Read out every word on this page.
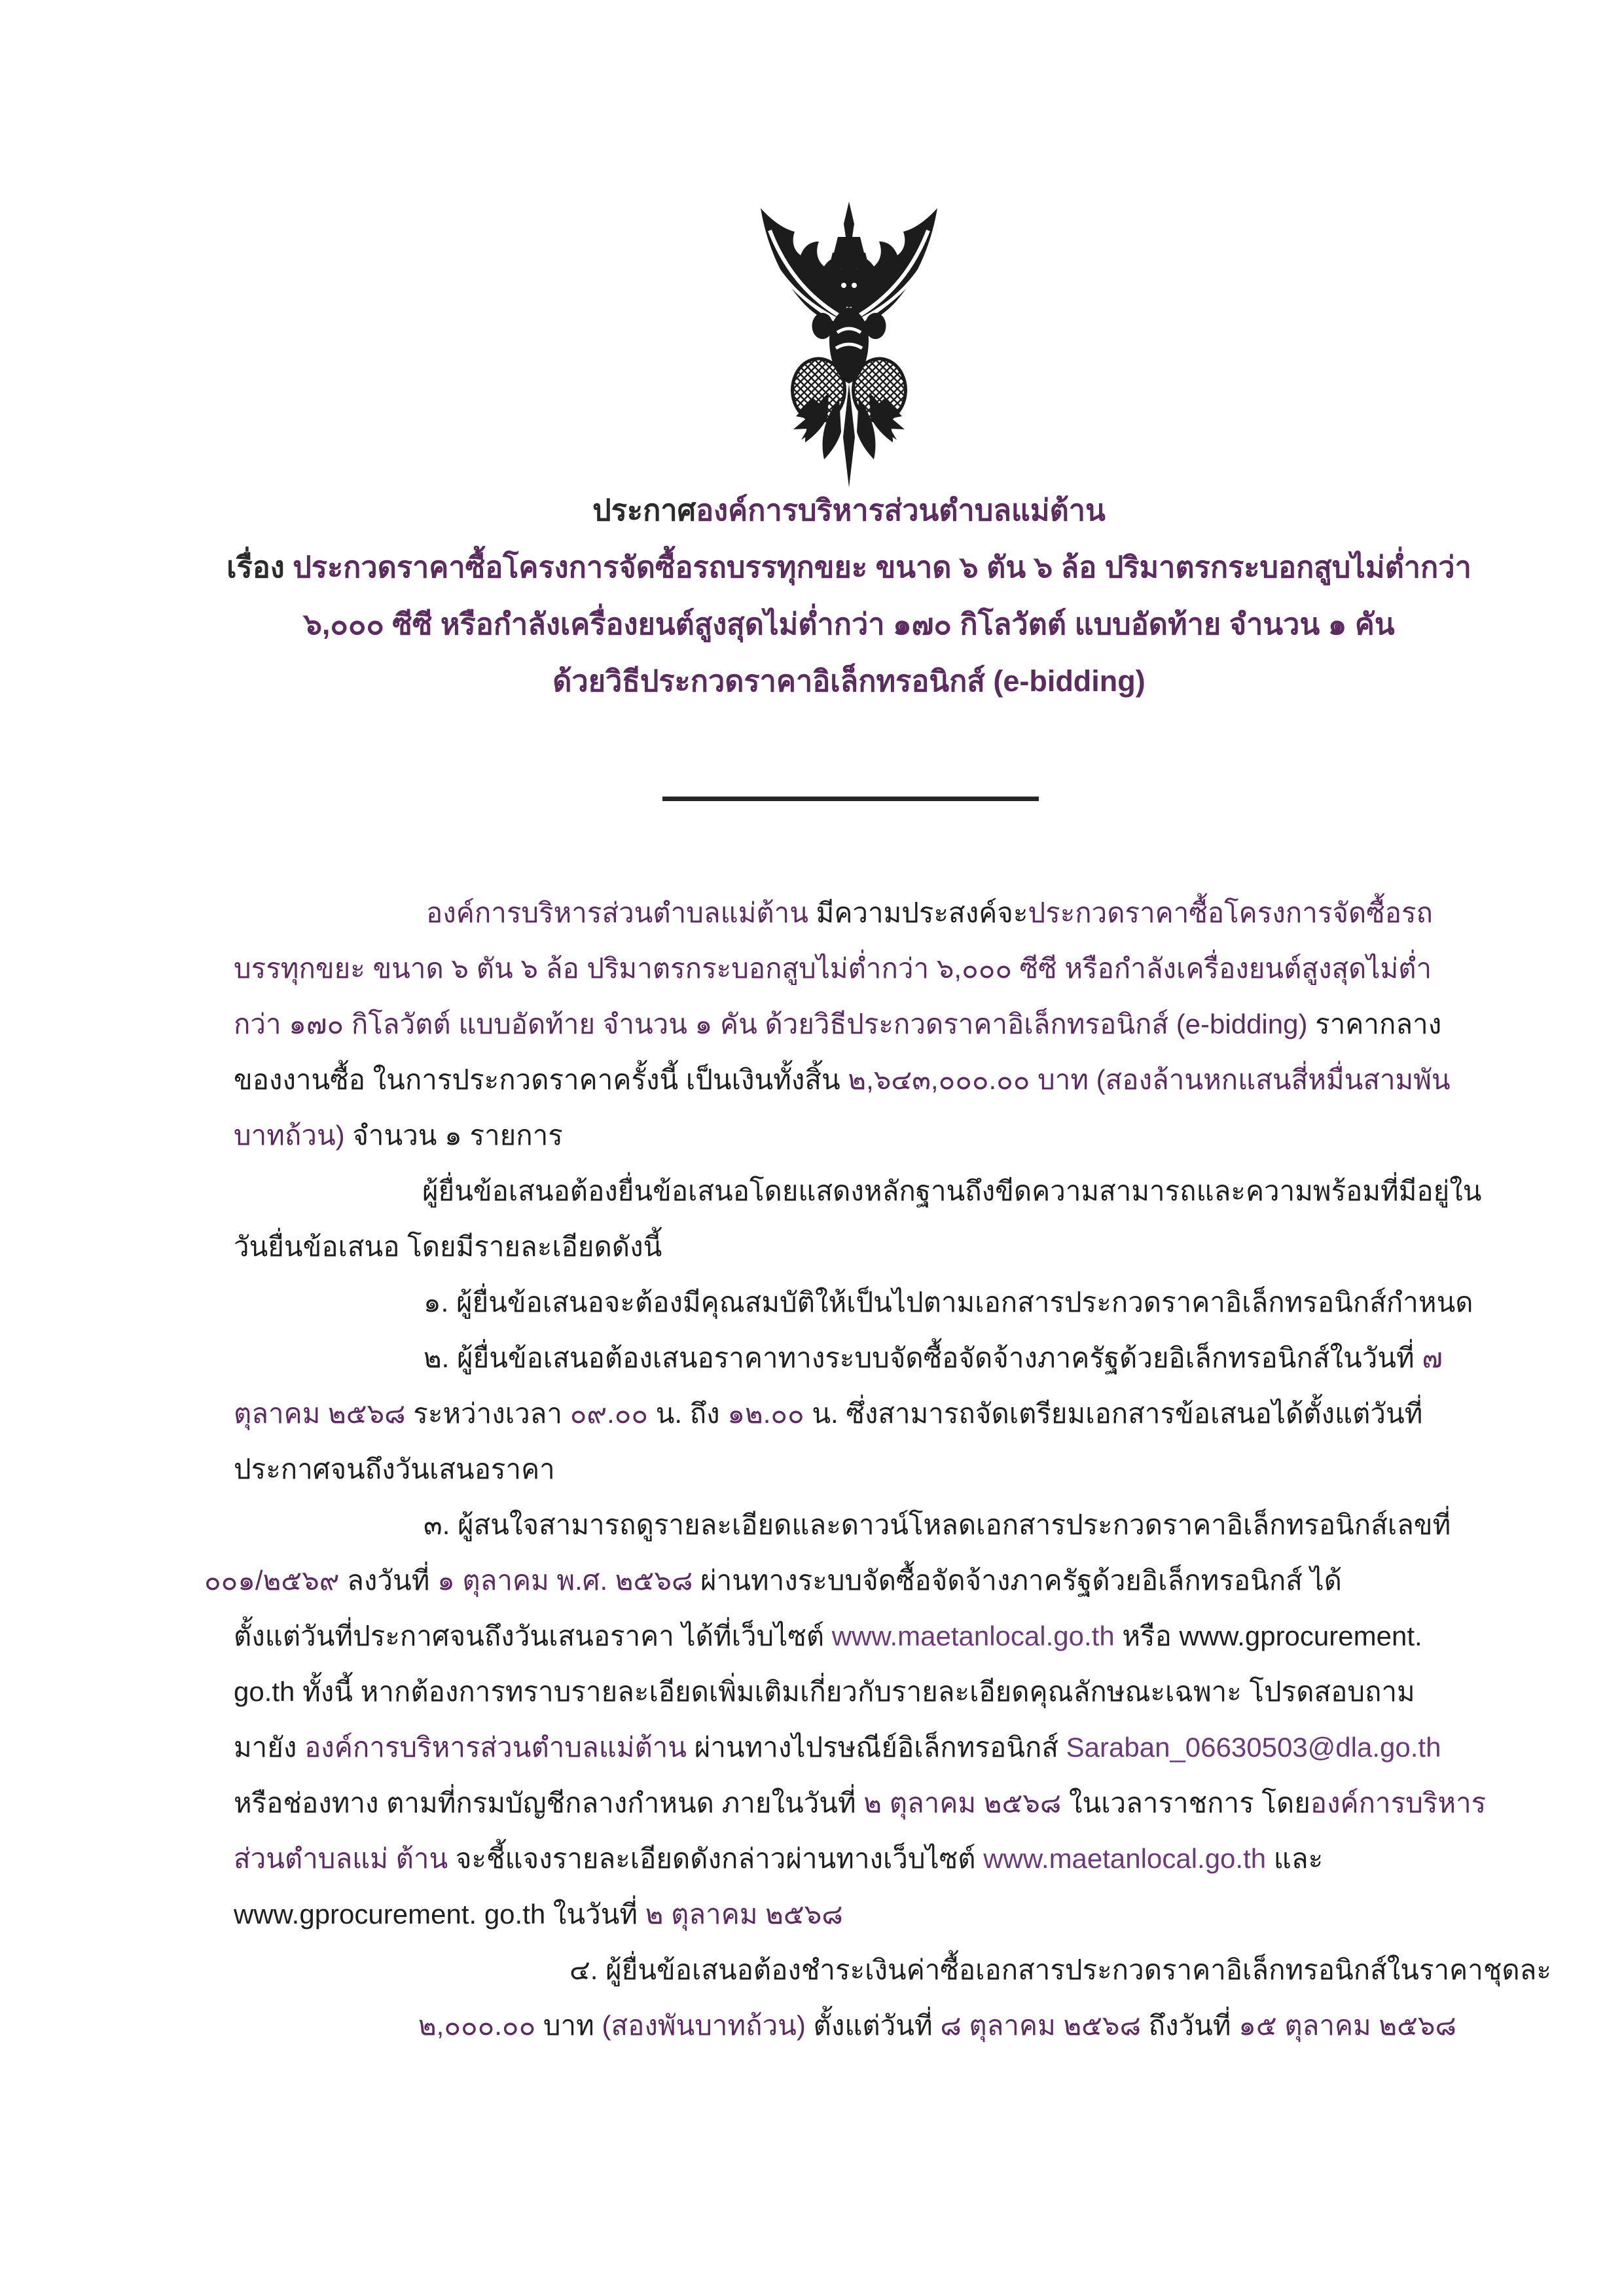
ประกาศองค์การบริหารส่วนตำบลแม่ต้าน
เรื่อง ประกวดราคาซื้อโครงการจัดซื้อรถบรรทุกขยะ ขนาด ๖ ตัน ๖ ล้อ ปริมาตรกระบอกสูบไม่ต่ำกว่า
๖,๐๐๐ ซีซี หรือกำลังเครื่องยนต์สูงสุดไม่ต่ำกว่า ๑๗๐ กิโลวัตต์ แบบอัดท้าย จำนวน ๑ คัน
ด้วยวิธีประกวดราคาอิเล็กทรอนิกส์ (e-bidding)
องค์การบริหารส่วนตำบลแม่ต้าน มีความประสงค์จะประกวดราคาซื้อโครงการจัดซื้อรถ
บรรทุกขยะ ขนาด ๖ ตัน ๖ ล้อ ปริมาตรกระบอกสูบไม่ต่ำกว่า ๖,๐๐๐ ซีซี หรือกำลังเครื่องยนต์สูงสุดไม่ต่ำ
กว่า ๑๗๐ กิโลวัตต์ แบบอัดท้าย จำนวน ๑ คัน ด้วยวิธีประกวดราคาอิเล็กทรอนิกส์ (e-bidding) ราคากลาง
ของงานซื้อ ในการประกวดราคาครั้งนี้ เป็นเงินทั้งสิ้น ๒,๖๔๓,๐๐๐.๐๐ บาท (สองล้านหกแสนสี่หมื่นสามพัน
บาทถ้วน) จำนวน ๑ รายการ
ผู้ยื่นข้อเสนอต้องยื่นข้อเสนอโดยแสดงหลักฐานถึงขีดความสามารถและความพร้อมที่มีอยู่ใน
วันยื่นข้อเสนอ โดยมีรายละเอียดดังนี้
๑. ผู้ยื่นข้อเสนอจะต้องมีคุณสมบัติให้เป็นไปตามเอกสารประกวดราคาอิเล็กทรอนิกส์กำหนด
๒. ผู้ยื่นข้อเสนอต้องเสนอราคาทางระบบจัดซื้อจัดจ้างภาครัฐด้วยอิเล็กทรอนิกส์ในวันที่ ๗
ตุลาคม ๒๕๖๘ ระหว่างเวลา ๐๙.๐๐ น. ถึง ๑๒.๐๐ น. ซึ่งสามารถจัดเตรียมเอกสารข้อเสนอได้ตั้งแต่วันที่
ประกาศจนถึงวันเสนอราคา
๓. ผู้สนใจสามารถดูรายละเอียดและดาวน์โหลดเอกสารประกวดราคาอิเล็กทรอนิกส์เลขที่
๐๐๑/๒๕๖๙ ลงวันที่ ๑ ตุลาคม พ.ศ. ๒๕๖๘ ผ่านทางระบบจัดซื้อจัดจ้างภาครัฐด้วยอิเล็กทรอนิกส์ ได้
ตั้งแต่วันที่ประกาศจนถึงวันเสนอราคา ได้ที่เว็บไซต์ www.maetanlocal.go.th หรือ www.gprocurement.
go.th ทั้งนี้ หากต้องการทราบรายละเอียดเพิ่มเติมเกี่ยวกับรายละเอียดคุณลักษณะเฉพาะ โปรดสอบถาม
มายัง องค์การบริหารส่วนตำบลแม่ต้าน ผ่านทางไปรษณีย์อิเล็กทรอนิกส์ Saraban_06630503@dla.go.th
หรือช่องทาง ตามที่กรมบัญชีกลางกำหนด ภายในวันที่ ๒ ตุลาคม ๒๕๖๘ ในเวลาราชการ โดยองค์การบริหาร
ส่วนตำบลแม่ ต้าน จะชี้แจงรายละเอียดดังกล่าวผ่านทางเว็บไซต์ www.maetanlocal.go.th และ
www.gprocurement. go.th ในวันที่ ๒ ตุลาคม ๒๕๖๘
๔. ผู้ยื่นข้อเสนอต้องชำระเงินค่าซื้อเอกสารประกวดราคาอิเล็กทรอนิกส์ในราคาชุดละ
๒,๐๐๐.๐๐ บาท (สองพันบาทถ้วน) ตั้งแต่วันที่ ๘ ตุลาคม ๒๕๖๘ ถึงวันที่ ๑๕ ตุลาคม ๒๕๖๘
